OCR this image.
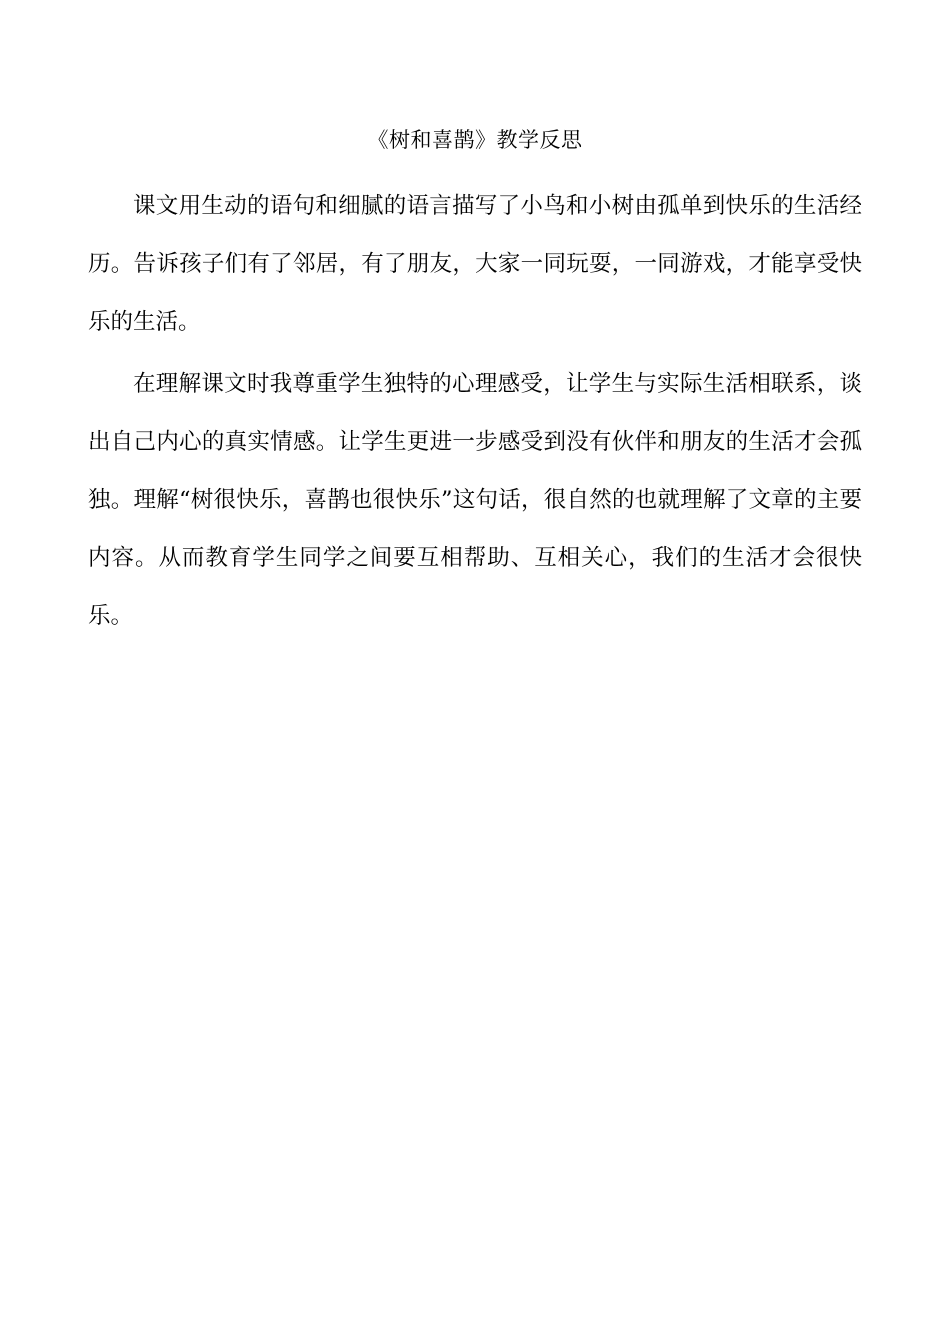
《树和喜鹊》教学反思

课文用生动的语句和细腻的语言描写了小鸟和小树由孤单到快乐的生活经历。告诉孩子们有了邻居，有了朋友，大家一同玩耍，一同游戏，才能享受快乐的生活。

在理解课文时我尊重学生独特的心理感受，让学生与实际生活相联系，谈出自己内心的真实情感。让学生更进一步感受到没有伙伴和朋友的生活才会孤独。理解“树很快乐，喜鹊也很快乐”这句话，很自然的也就理解了文章的主要内容。从而教育学生同学之间要互相帮助、互相关心，我们的生活才会很快乐。
